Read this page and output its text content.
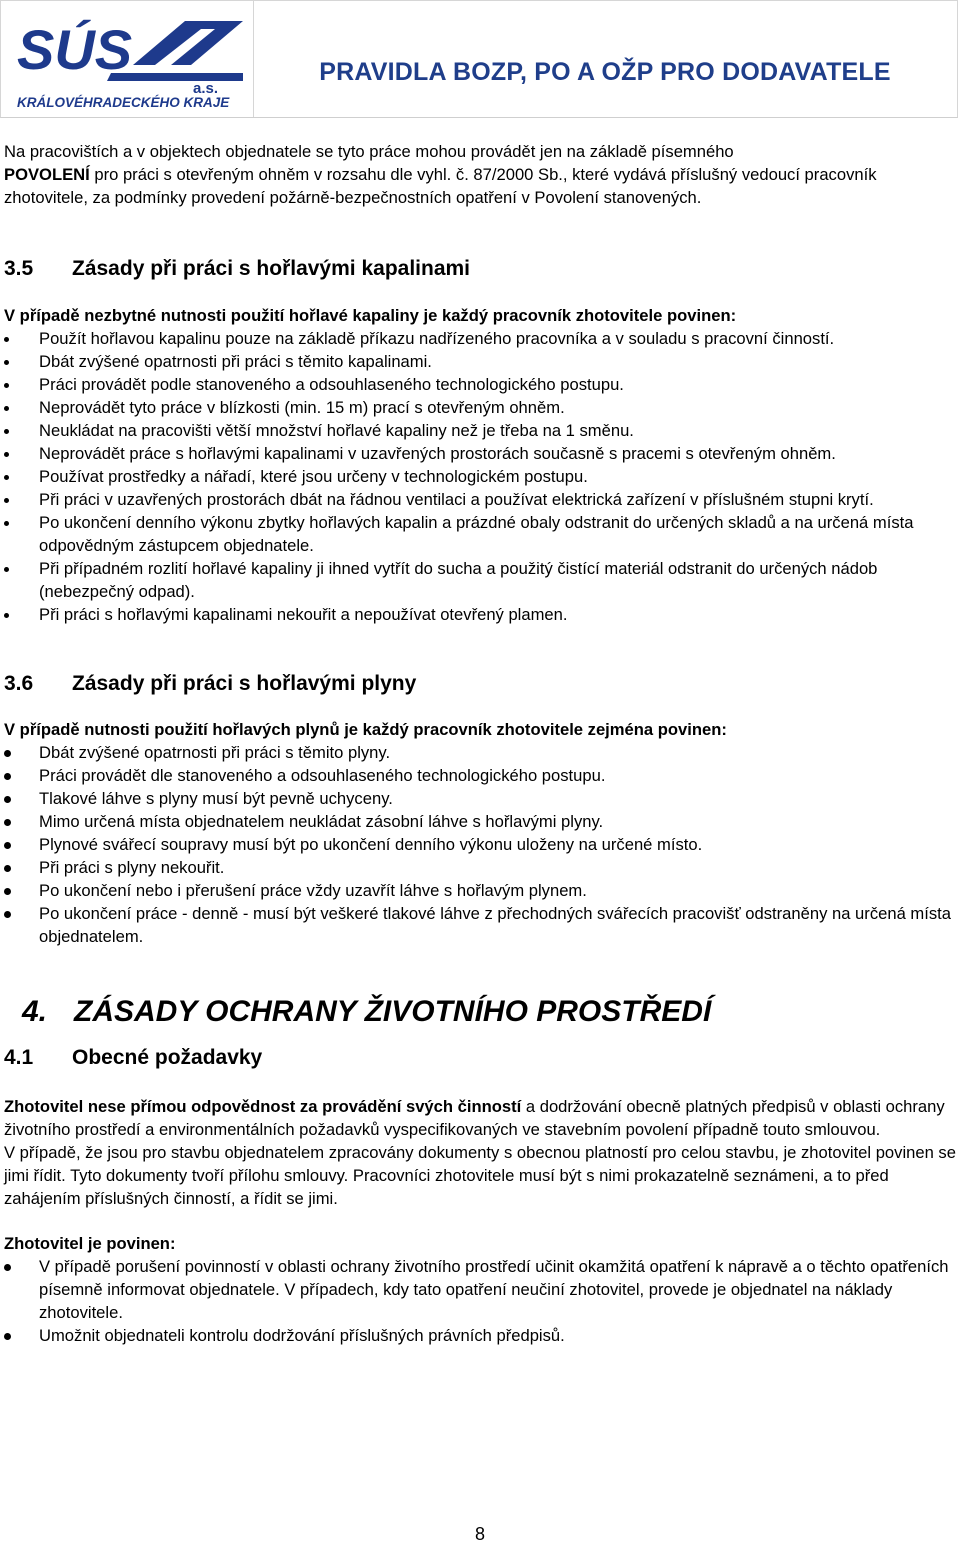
SÚS
a.s.
KRÁLOVÉHRADECKÉHO KRAJE
PRAVIDLA BOZP, PO A OŽP PRO DODAVATELE

Na pracovištích a v objektech objednatele se tyto práce mohou provádět jen na základě písemného
POVOLENÍ pro práci s otevřeným ohněm v rozsahu dle vyhl. č. 87/2000 Sb., které vydává příslušný vedoucí pracovník zhotovitele, za podmínky provedení požárně-bezpečnostních opatření v Povolení stanovených.

3.5 Zásady při práci s hořlavými kapalinami

V případě nezbytné nutnosti použití hořlavé kapaliny je každý pracovník zhotovitele povinen:

Použít hořlavou kapalinu pouze na základě příkazu nadřízeného pracovníka a v souladu s pracovní činností.
Dbát zvýšené opatrnosti při práci s těmito kapalinami.
Práci provádět podle stanoveného a odsouhlaseného technologického postupu.
Neprovádět tyto práce v blízkosti (min. 15 m) prací s otevřeným ohněm.
Neukládat na pracovišti větší množství hořlavé kapaliny než je třeba na 1 směnu.
Neprovádět práce s hořlavými kapalinami v uzavřených prostorách současně s pracemi s otevřeným ohněm.
Používat prostředky a nářadí, které jsou určeny v technologickém postupu.
Při práci v uzavřených prostorách dbát na řádnou ventilaci a používat elektrická zařízení v příslušném stupni krytí.
Po ukončení denního výkonu zbytky hořlavých kapalin a prázdné obaly odstranit do určených skladů a na určená místa odpovědným zástupcem objednatele.
Při případném rozlití hořlavé kapaliny ji ihned vytřít do sucha a použitý čistící materiál odstranit do určených nádob (nebezpečný odpad).
Při práci s hořlavými kapalinami nekouřit a nepoužívat otevřený plamen.
3.6 Zásady při práci s hořlavými plyny

V případě nutnosti použití hořlavých plynů je každý pracovník zhotovitele zejména povinen:

Dbát zvýšené opatrnosti při práci s těmito plyny.
Práci provádět dle stanoveného a odsouhlaseného technologického postupu.
Tlakové láhve s plyny musí být pevně uchyceny.
Mimo určená místa objednatelem neukládat zásobní láhve s hořlavými plyny.
Plynové svářecí soupravy musí být po ukončení denního výkonu uloženy na určené místo.
Při práci s plyny nekouřit.
Po ukončení nebo i přerušení práce vždy uzavřít láhve s hořlavým plynem.
Po ukončení práce - denně - musí být veškeré tlakové láhve z přechodných svářecích pracovišť odstraněny na určená místa objednatelem.
4. ZÁSADY OCHRANY ŽIVOTNÍHO PROSTŘEDÍ
4.1 Obecné požadavky

Zhotovitel nese přímou odpovědnost za provádění svých činností a dodržování obecně platných předpisů v oblasti ochrany životního prostředí a environmentálních požadavků vyspecifikovaných ve stavebním povolení případně touto smlouvou.

V případě, že jsou pro stavbu objednatelem zpracovány dokumenty s obecnou platností pro celou stavbu, je zhotovitel povinen se jimi řídit. Tyto dokumenty tvoří přílohu smlouvy. Pracovníci zhotovitele musí být s nimi prokazatelně seznámeni, a to před zahájením příslušných činností, a řídit se jimi.

Zhotovitel je povinen:

V případě porušení povinností v oblasti ochrany životního prostředí učinit okamžitá opatření k nápravě a o těchto opatřeních písemně informovat objednatele. V případech, kdy tato opatření neučiní zhotovitel, provede je objednatel na náklady zhotovitele.
Umožnit objednateli kontrolu dodržování příslušných právních předpisů.
8
